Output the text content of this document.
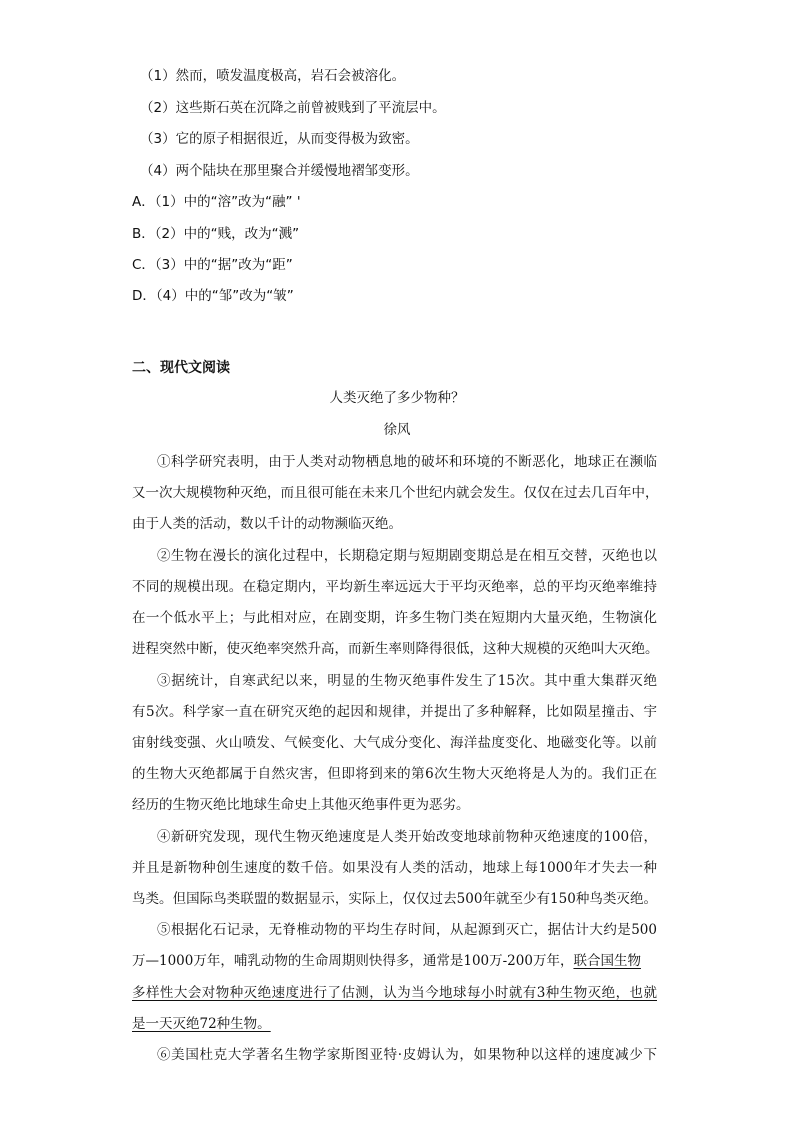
（1）然而，喷发温度极高，岩石会被溶化。
（2）这些斯石英在沉降之前曾被贱到了平流层中。
（3）它的原子相据很近，从而变得极为致密。
（4）两个陆块在那里聚合并缓慢地褶邹变形。
A．（1）中的“溶”改为“融” '
B．（2）中的“贱，改为“溅”
C．（3）中的“据”改为“距”
D．（4）中的“邹”改为“皱”
二、现代文阅读
人类灭绝了多少物种？
徐风
①科学研究表明，由于人类对动物栖息地的破坏和环境的不断恶化，地球正在濒临
又一次大规模物种灭绝，而且很可能在未来几个世纪内就会发生。仅仅在过去几百年中，
由于人类的活动，数以千计的动物濒临灭绝。
②生物在漫长的演化过程中，长期稳定期与短期剧变期总是在相互交替，灭绝也以
不同的规模出现。在稳定期内，平均新生率远远大于平均灭绝率，总的平均灭绝率维持
在一个低水平上；与此相对应，在剧变期，许多生物门类在短期内大量灭绝，生物演化
进程突然中断，使灭绝率突然升高，而新生率则降得很低，这种大规模的灭绝叫大灭绝。
③据统计，自寒武纪以来，明显的生物灭绝事件发生了15次。其中重大集群灭绝
有5次。科学家一直在研究灭绝的起因和规律，并提出了多种解释，比如陨星撞击、宇
宙射线变强、火山喷发、气候变化、大气成分变化、海洋盐度变化、地磁变化等。以前
的生物大灭绝都属于自然灾害，但即将到来的第6次生物大灭绝将是人为的。我们正在
经历的生物灭绝比地球生命史上其他灭绝事件更为恶劣。
④新研究发现，现代生物灭绝速度是人类开始改变地球前物种灭绝速度的100倍，
并且是新物种创生速度的数千倍。如果没有人类的活动，地球上每1000年才失去一种
鸟类。但国际鸟类联盟的数据显示，实际上，仅仅过去500年就至少有150种鸟类灭绝。
⑤根据化石记录，无脊椎动物的平均生存时间，从起源到灭亡，据估计大约是500
万—1000万年，哺乳动物的生命周期则快得多，通常是100万-200万年，联合国生物
多样性大会对物种灭绝速度进行了估测，认为当今地球每小时就有3种生物灭绝，也就
是一天灭绝72种生物。
⑥美国杜克大学著名生物学家斯图亚特·皮姆认为，如果物种以这样的速度减少下
